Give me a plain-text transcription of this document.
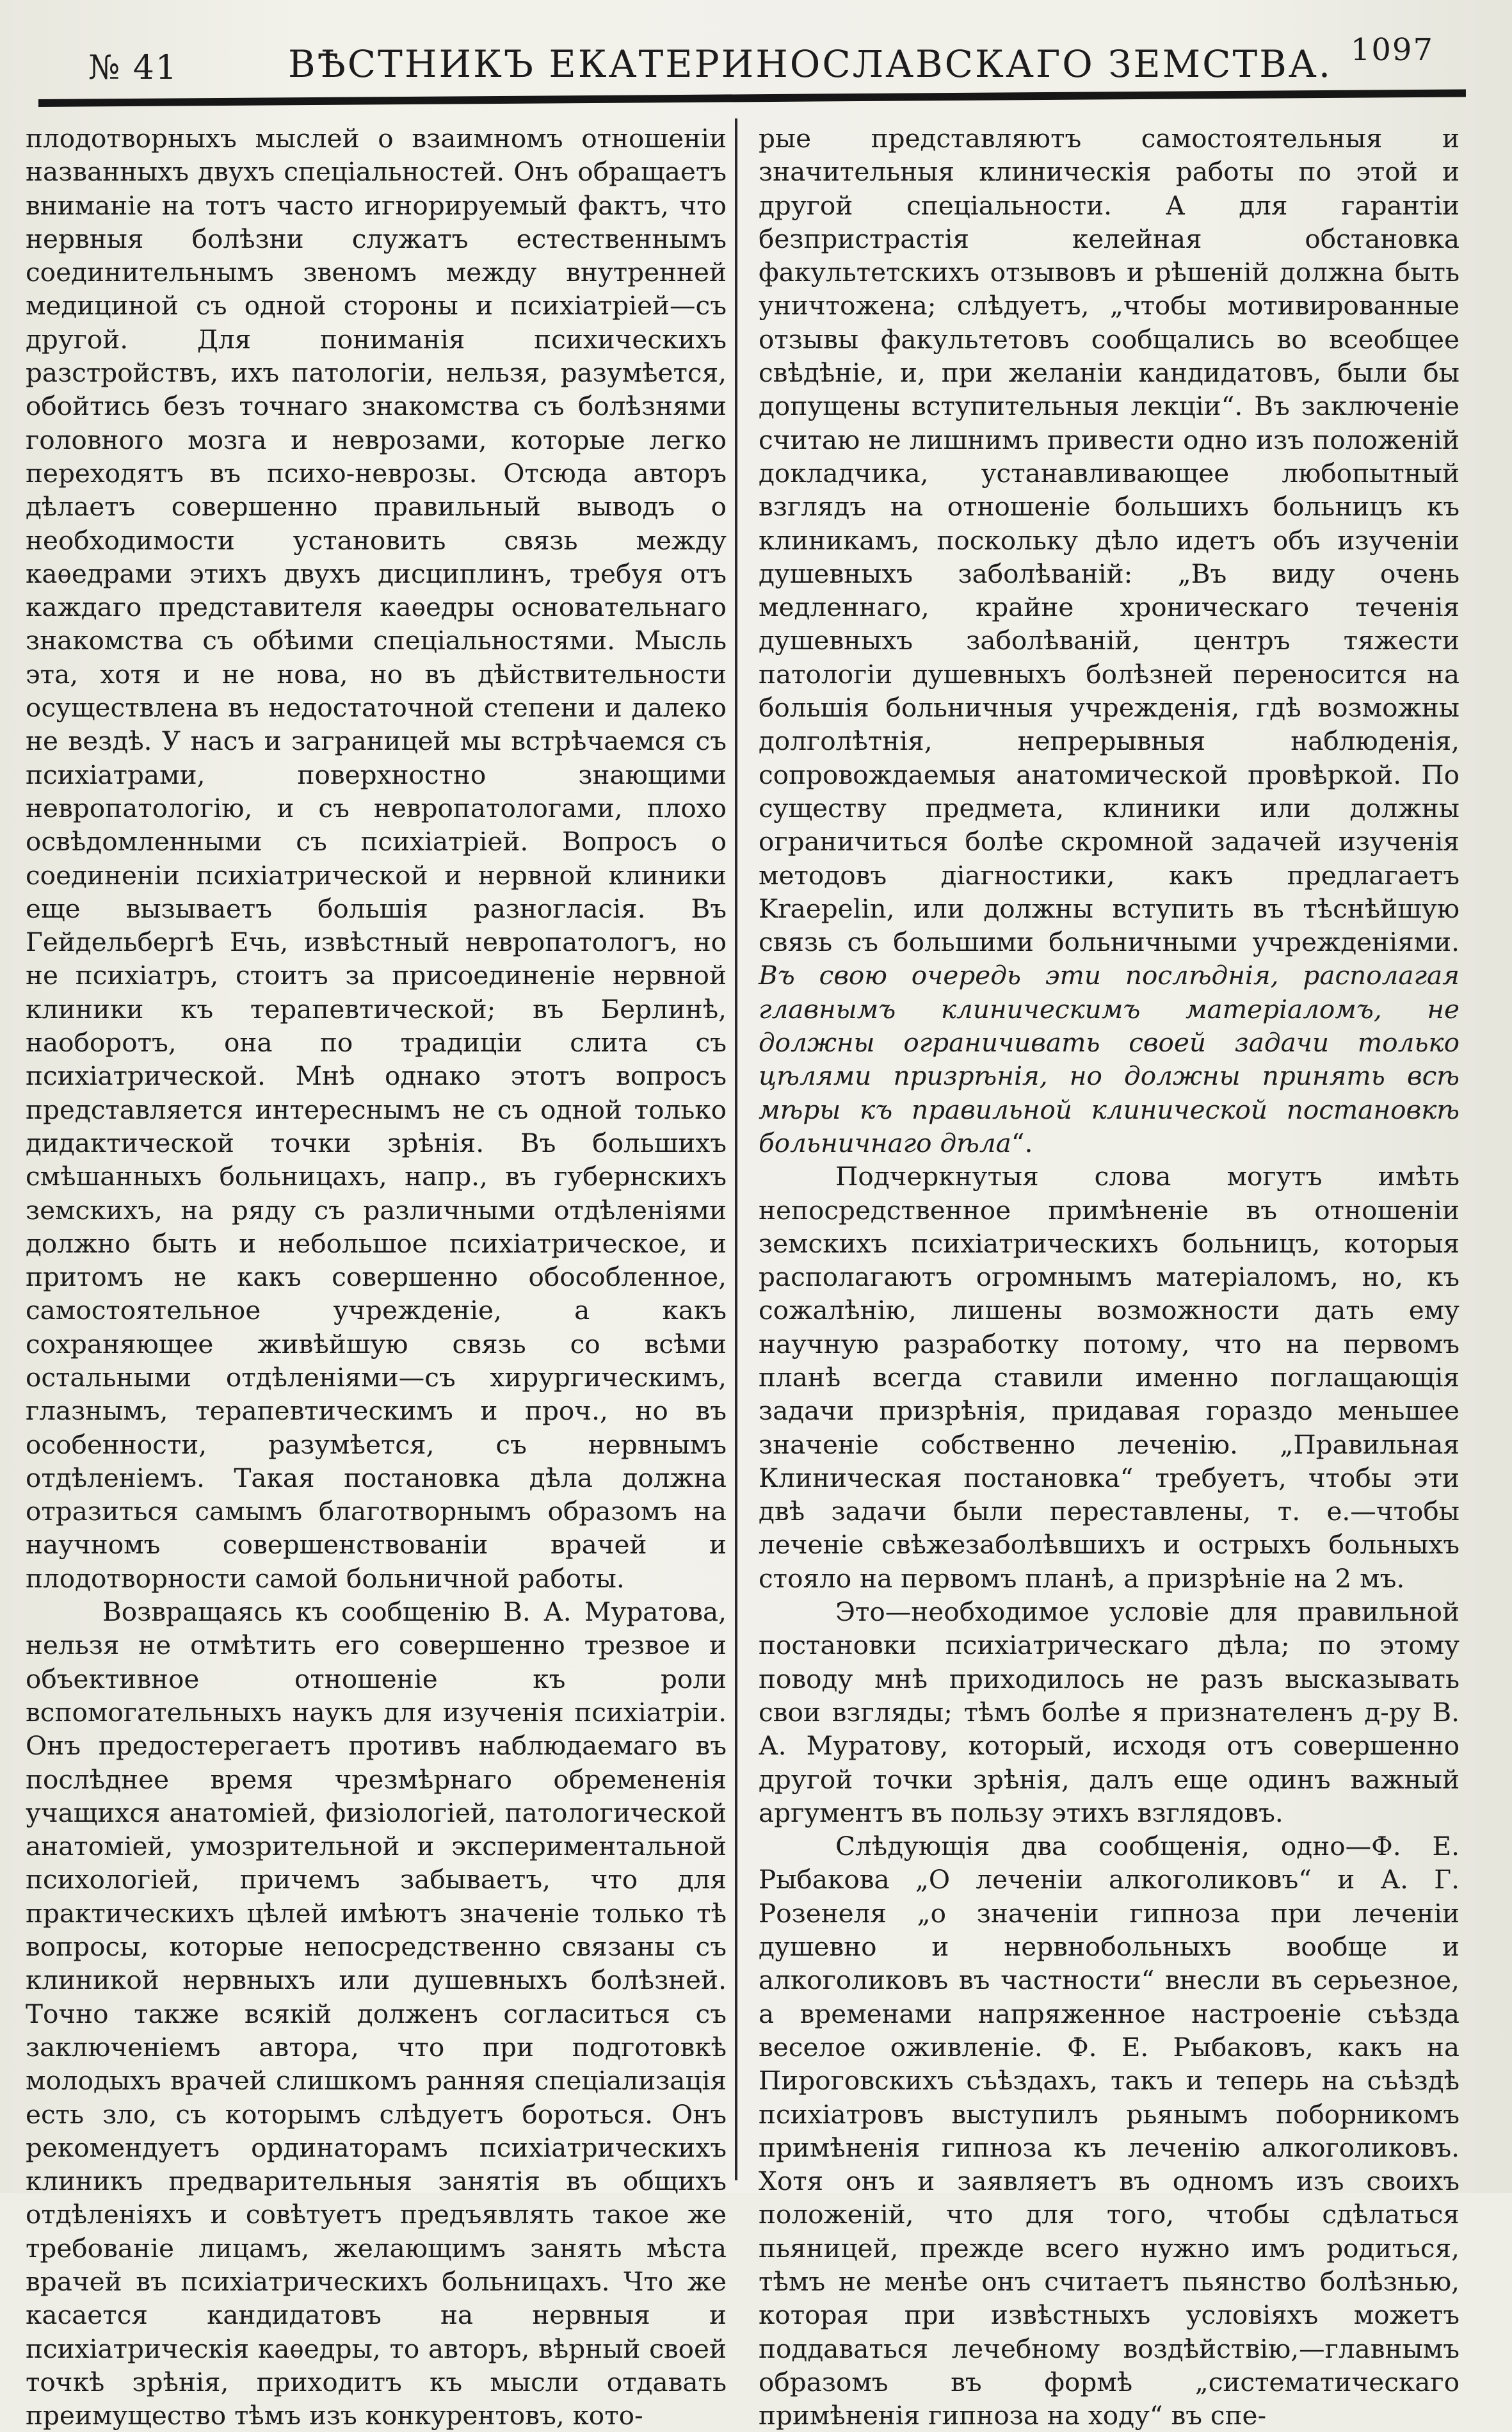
№ 41	ВѢСТНИКЪ ЕКАТЕРИНОСЛАВСКАГО ЗЕМСТВА. 1097

плодотворныхъ мыслей о взаимномъ отношеніи названныхъ двухъ спеціальностей. Онъ обращаетъ вниманіе на тотъ часто игнорируемый фактъ, что нервныя болѣзни служатъ естественнымъ соединительнымъ звеномъ между внутренней медициной съ одной стороны и психіатріей—съ другой. Для пониманія психическихъ разстройствъ, ихъ патологіи, нельзя, разумѣется, обойтись безъ точнаго знакомства съ болѣзнями головного мозга и неврозами, которые легко переходятъ въ психо-неврозы. Отсюда авторъ дѣлаетъ совершенно правильный выводъ о необходимости установить связь между каѳедрами этихъ двухъ дисциплинъ, требуя отъ каждаго представителя каѳедры основательнаго знакомства съ обѣими спеціальностями. Мысль эта, хотя и не нова, но въ дѣйствительности осуществлена въ недостаточной степени и далеко не вездѣ. У насъ и заграницей мы встрѣчаемся съ психіатрами, поверхностно знающими невропатологію, и съ невропатологами, плохо освѣдомленными съ психіатріей. Вопросъ о соединеніи психіатрической и нервной клиники еще вызываетъ большія разногласія. Въ Гейдельбергѣ Ечь, извѣстный невропатологъ, но не психіатръ, стоитъ за присоединеніе нервной клиники къ терапевтической; въ Берлинѣ, наоборотъ, она по традиціи слита съ психіатрической. Мнѣ однако этотъ вопросъ представляется интереснымъ не съ одной только дидактической точки зрѣнія. Въ большихъ смѣшанныхъ больницахъ, напр., въ губернскихъ земскихъ, на ряду съ различными отдѣленіями должно быть и небольшое психіатрическое, и притомъ не какъ совершенно обособленное, самостоятельное учрежденіе, а какъ сохраняющее живѣйшую связь со всѣми остальными отдѣленіями—съ хирургическимъ, глазнымъ, терапевтическимъ и проч., но въ особенности, разумѣется, съ нервнымъ отдѣленіемъ. Такая постановка дѣла должна отразиться самымъ благотворнымъ образомъ на научномъ совершенствованіи врачей и плодотворности самой больничной работы.

Возвращаясь къ сообщенію В. А. Муратова, нельзя не отмѣтить его совершенно трезвое и объективное отношеніе къ роли вспомогательныхъ наукъ для изученія психіатріи. Онъ предостерегаетъ противъ наблюдаемаго въ послѣднее время чрезмѣрнаго обремененія учащихся анатоміей, физіологіей, патологической анатоміей, умозрительной и экспериментальной психологіей, причемъ забываетъ, что для практическихъ цѣлей имѣютъ значеніе только тѣ вопросы, которые непосредственно связаны съ клиникой нервныхъ или душевныхъ болѣзней. Точно также всякій долженъ согласиться съ заключеніемъ автора, что при подготовкѣ молодыхъ врачей слишкомъ ранняя спеціализація есть зло, съ которымъ слѣдуетъ бороться. Онъ рекомендуетъ ординаторамъ психіатрическихъ клиникъ предварительныя занятія въ общихъ отдѣленіяхъ и совѣтуетъ предъявлять такое же требованіе лицамъ, желающимъ занять мѣста врачей въ психіатрическихъ больницахъ. Что же касается кандидатовъ на нервныя и психіатрическія каѳедры, то авторъ, вѣрный своей точкѣ зрѣнія, приходитъ къ мысли отдавать преимущество тѣмъ изъ конкурентовъ, кото-

рые представляютъ самостоятельныя и значительныя клиническія работы по этой и другой спеціальности. А для гарантіи безпристрастія келейная обстановка факультетскихъ отзывовъ и рѣшеній должна быть уничтожена; слѣдуетъ, „чтобы мотивированные отзывы факультетовъ сообщались во всеобщее свѣдѣніе, и, при желаніи кандидатовъ, были бы допущены вступительныя лекціи“. Въ заключеніе считаю не лишнимъ привести одно изъ положеній докладчика, устанавливающее любопытный взглядъ на отношеніе большихъ больницъ къ клиникамъ, поскольку дѣло идетъ объ изученіи душевныхъ заболѣваній: „Въ виду очень медленнаго, крайне хроническаго теченія душевныхъ заболѣваній, центръ тяжести патологіи душевныхъ болѣзней переносится на большія больничныя учрежденія, гдѣ возможны долголѣтнія, непрерывныя наблюденія, сопровождаемыя анатомической провѣркой. По существу предмета, клиники или должны ограничиться болѣе скромной задачей изученія методовъ діагностики, какъ предлагаетъ Kraepelin, или должны вступить въ тѣснѣйшую связь съ большими больничными учрежденіями. Въ свою очередь эти послѣднія, располагая главнымъ клиническимъ матеріаломъ, не должны ограничивать своей задачи только цѣлями призрѣнія, но должны принять всѣ мѣры къ правильной клинической постановкѣ больничнаго дѣла“.

Подчеркнутыя слова могутъ имѣть непосредственное примѣненіе въ отношеніи земскихъ психіатрическихъ больницъ, которыя располагаютъ огромнымъ матеріаломъ, но, къ сожалѣнію, лишены возможности дать ему научную разработку потому, что на первомъ планѣ всегда ставили именно поглащающія задачи призрѣнія, придавая гораздо меньшее значеніе собственно леченію. „Правильная Клиническая постановка“ требуетъ, чтобы эти двѣ задачи были переставлены, т. е.—чтобы леченіе свѣжезаболѣвшихъ и острыхъ больныхъ стояло на первомъ планѣ, а призрѣніе на 2 мъ.

Это—необходимое условіе для правильной постановки психіатрическаго дѣла; по этому поводу мнѣ приходилось не разъ высказывать свои взгляды; тѣмъ болѣе я признателенъ д-ру В. А. Муратову, который, исходя отъ совершенно другой точки зрѣнія, далъ еще одинъ важный аргументъ въ пользу этихъ взглядовъ.

Слѣдующія два сообщенія, одно—Ф. Е. Рыбакова „О леченіи алкоголиковъ“ и А. Г. Розенеля „о значеніи гипноза при леченіи душевно и нервнобольныхъ вообще и алкоголиковъ въ частности“ внесли въ серьезное, а временами напряженное настроеніе съѣзда веселое оживленіе. Ф. Е. Рыбаковъ, какъ на Пироговскихъ съѣздахъ, такъ и теперь на съѣздѣ психіатровъ выступилъ рьянымъ поборникомъ примѣненія гипноза къ леченію алкоголиковъ. Хотя онъ и заявляетъ въ одномъ изъ своихъ положеній, что для того, чтобы сдѣлаться пьяницей, прежде всего нужно имъ родиться, тѣмъ не менѣе онъ считаетъ пьянство болѣзнью, которая при извѣстныхъ условіяхъ можетъ поддаваться лечебному воздѣйствію,—главнымъ образомъ въ формѣ „систематическаго примѣненія гипноза на ходу“ въ спе-
